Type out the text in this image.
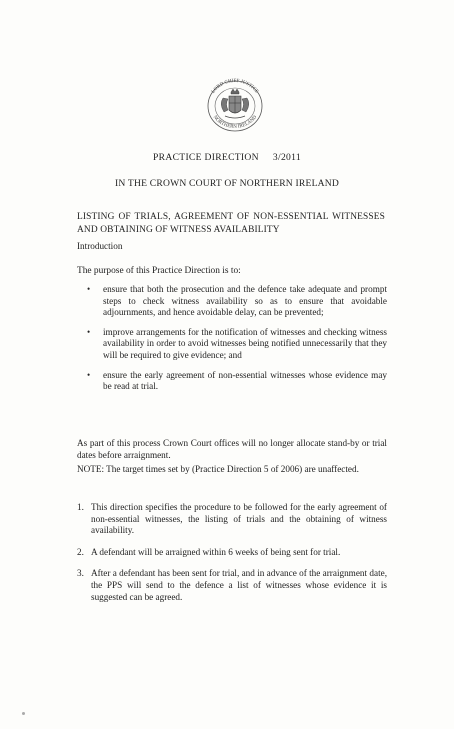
LORD CHIEF JUSTICE
NORTHERN IRELAND
PRACTICE DIRECTION 3/2011
IN THE CROWN COURT OF NORTHERN IRELAND
LISTING OF TRIALS, AGREEMENT OF NON-ESSENTIAL WITNESSES AND OBTAINING OF WITNESS AVAILABILITY
Introduction
The purpose of this Practice Direction is to:
• ensure that both the prosecution and the defence take adequate and prompt steps to check witness availability so as to ensure that avoidable adjournments, and hence avoidable delay, can be prevented;
• improve arrangements for the notification of witnesses and checking witness availability in order to avoid witnesses being notified unnecessarily that they will be required to give evidence; and
• ensure the early agreement of non-essential witnesses whose evidence may be read at trial.
As part of this process Crown Court offices will no longer allocate stand-by or trial dates before arraignment.
NOTE: The target times set by (Practice Direction 5 of 2006) are unaffected.
1. This direction specifies the procedure to be followed for the early agreement of non-essential witnesses, the listing of trials and the obtaining of witness availability.
2. A defendant will be arraigned within 6 weeks of being sent for trial.
3. After a defendant has been sent for trial, and in advance of the arraignment date, the PPS will send to the defence a list of witnesses whose evidence it is suggested can be agreed.
